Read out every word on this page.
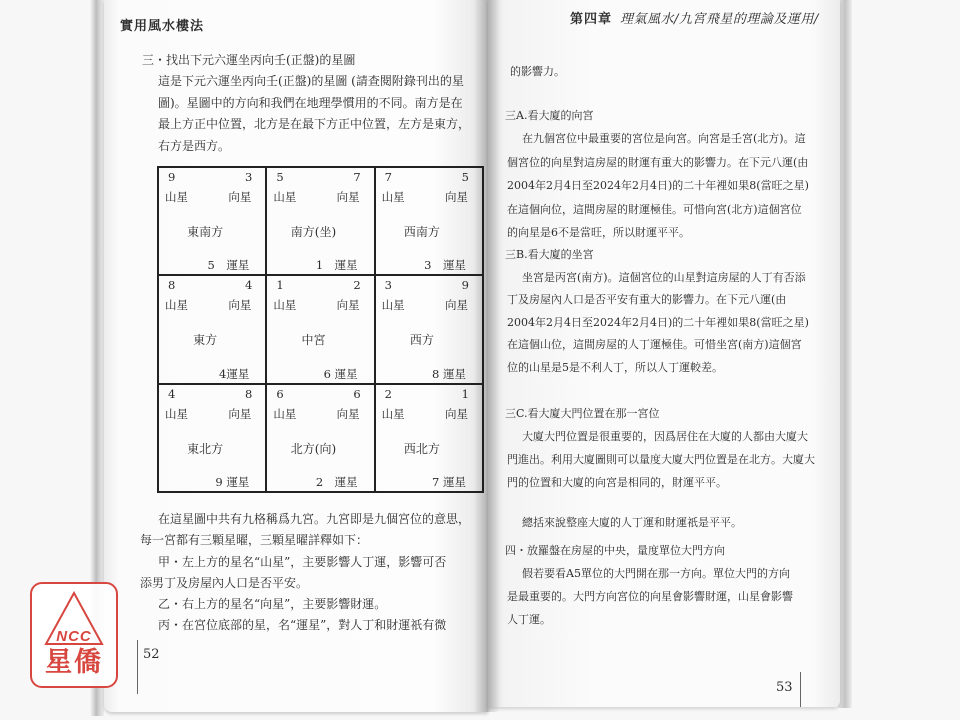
實用風水樓法
三・找出下元六運坐丙向壬(正盤)的星圖
這是下元六運坐丙向壬(正盤)的星圖 (請查閱附錄刊出的星
圖)。星圖中的方向和我們在地理學慣用的不同。南方是在
最上方正中位置，北方是在最下方正中位置，左方是東方，
右方是西方。
9	3
山星	向星
東南方
5　運星
5	7
山星	向星
南方(坐)
1　運星
7	5
山星	向星
西南方
3　運星
8	4
山星	向星
東方
4運星
1	2
山星	向星
中宮
6 運星
3	9
山星	向星
西方
8 運星
4	8
山星	向星
東北方
9 運星
6	6
山星	向星
北方(向)
2　運星
2	1
山星	向星
西北方
7 運星
在這星圖中共有九格稱爲九宮。九宮即是九個宮位的意思，
每一宮都有三顆星曜，三顆星曜詳釋如下：
甲・左上方的星名“山星”，主要影響人丁運，影響可否
添男丁及房屋內人口是否平安。
乙・右上方的星名“向星”，主要影響財運。
丙・在宮位底部的星，名“運星”，對人丁和財運祇有微
52
第四章 理氣風水/九宮飛星的理論及運用/
的影響力。
三A.看大廈的向宮
在九個宮位中最重要的宮位是向宮。向宮是壬宮(北方)。這
個宮位的向星對這房屋的財運有重大的影響力。在下元八運(由
2004年2月4日至2024年2月4日)的二十年裡如果8(當旺之星)
在這個向位，這間房屋的財運極佳。可惜向宮(北方)這個宮位
的向星是6不是當旺，所以財運平平。
三B.看大廈的坐宮
坐宮是丙宮(南方)。這個宮位的山星對這房屋的人丁有否添
丁及房屋內人口是否平安有重大的影響力。在下元八運(由
2004年2月4日至2024年2月4日)的二十年裡如果8(當旺之星)
在這個山位，這間房屋的人丁運極佳。可惜坐宮(南方)這個宮
位的山星是5是不利人丁，所以人丁運較差。
三C.看大廈大門位置在那一宮位
大廈大門位置是很重要的，因爲居住在大廈的人都由大廈大
門進出。利用大廈圖則可以量度大廈大門位置是在北方。大廈大
門的位置和大廈的向宮是相同的，財運平平。
總括來說整座大廈的人丁運和財運祇是平平。
四・放羅盤在房屋的中央，量度單位大門方向
假若要看A5單位的大門開在那一方向。單位大門的方向
是最重要的。大門方向宮位的向星會影響財運，山星會影響
人丁運。
53
NCC
星僑
